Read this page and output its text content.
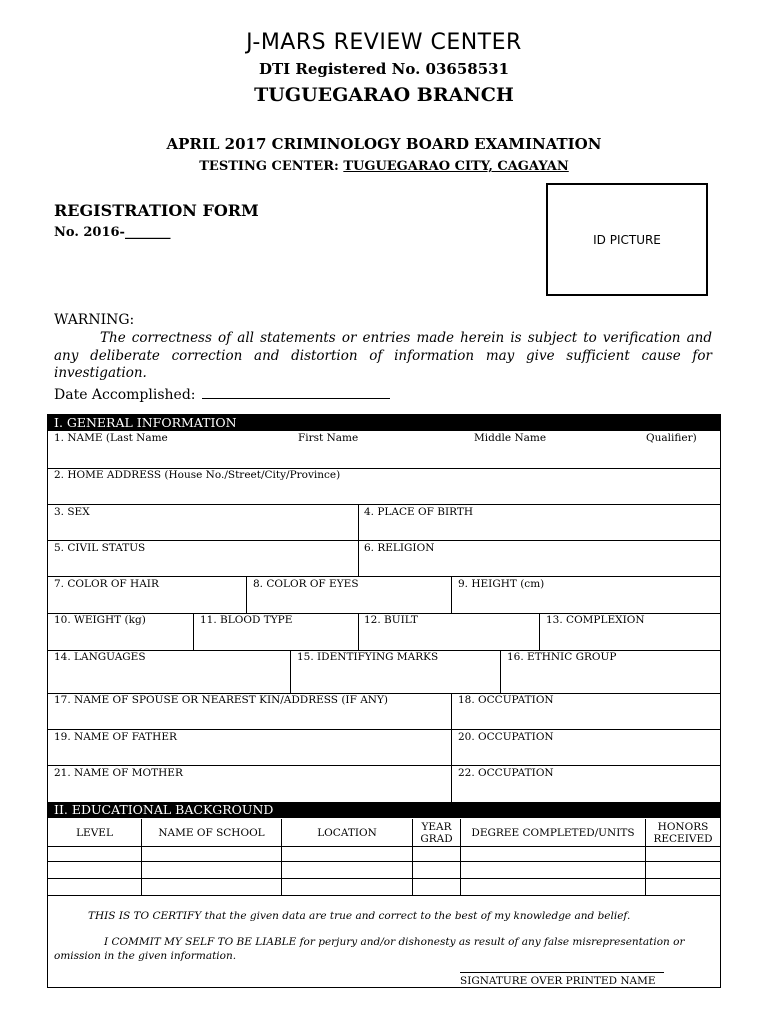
J-MARS REVIEW CENTER
DTI Registered No. 03658531
TUGUEGARAO BRANCH
APRIL 2017 CRIMINOLOGY BOARD EXAMINATION
TESTING CENTER: TUGUEGARAO CITY, CAGAYAN
REGISTRATION FORM
No. 2016-_______	ID PICTURE
WARNING:
The correctness of all statements or entries made herein is subject to verification and any deliberate correction and distortion of information may give sufficient cause for investigation.
Date Accomplished:
I. GENERAL INFORMATION
1. NAME (Last Name	First Name	Middle Name	Qualifier)
2. HOME ADDRESS (House No./Street/City/Province)
3. SEX	4. PLACE OF BIRTH
5. CIVIL STATUS	6. RELIGION
7. COLOR OF HAIR	8. COLOR OF EYES	9. HEIGHT (cm)
10. WEIGHT (kg)	11. BLOOD TYPE	12. BUILT	13. COMPLEXION
14. LANGUAGES	15. IDENTIFYING MARKS	16. ETHNIC GROUP
17. NAME OF SPOUSE OR NEAREST KIN/ADDRESS (IF ANY)	18. OCCUPATION
19. NAME OF FATHER	20. OCCUPATION
21. NAME OF MOTHER	22. OCCUPATION
II. EDUCATIONAL BACKGROUND
LEVEL	NAME OF SCHOOL	LOCATION	YEAR GRAD	DEGREE COMPLETED/UNITS	HONORS RECEIVED
THIS IS TO CERTIFY that the given data are true and correct to the best of my knowledge and belief.
I COMMIT MY SELF TO BE LIABLE for perjury and/or dishonesty as result of any false misrepresentation or omission in the given information.
SIGNATURE OVER PRINTED NAME
